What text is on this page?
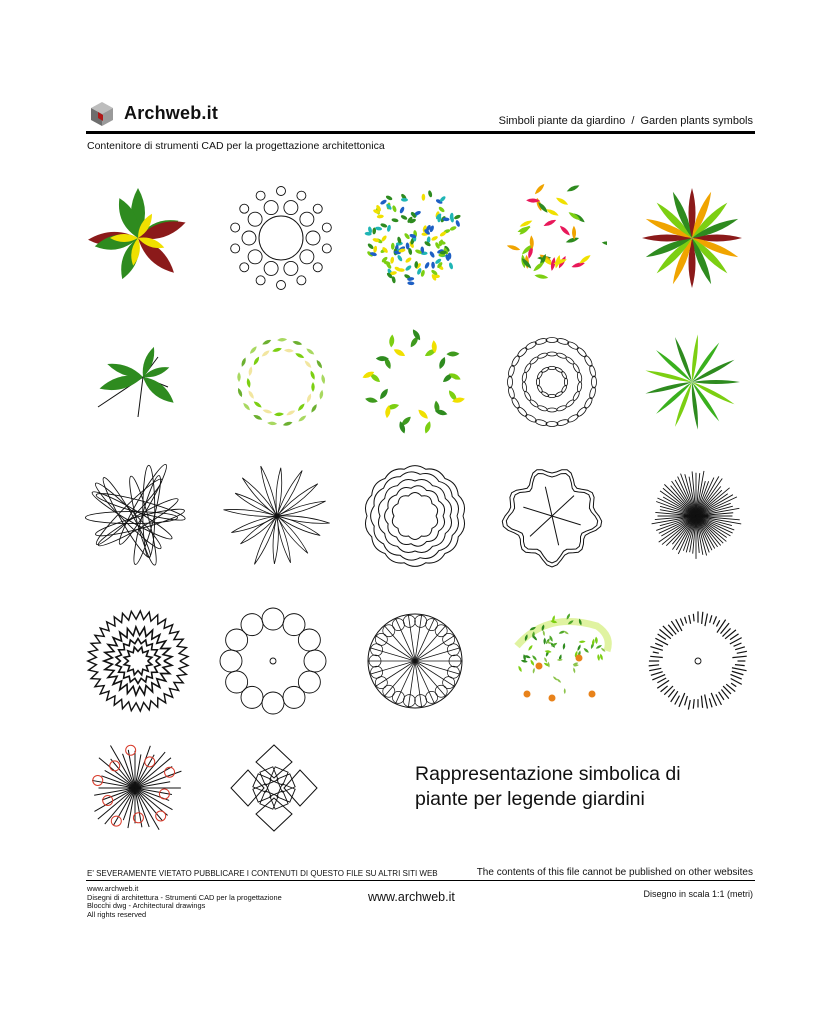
Archweb.it	Simboli piante da giardino  /  Garden plants symbols
Contenitore di strumenti CAD per la progettazione architettonica
Rappresentazione simbolica di
piante per legende giardini
E' SEVERAMENTE VIETATO PUBBLICARE I CONTENUTI DI QUESTO FILE SU ALTRI SITI WEB	The contents of this file cannot be published on other websites
www.archweb.it
Disegni di architettura - Strumenti CAD per la progettazione
Blocchi dwg - Architectural drawings
All rights reserved
www.archweb.it	Disegno in scala 1:1 (metri)
